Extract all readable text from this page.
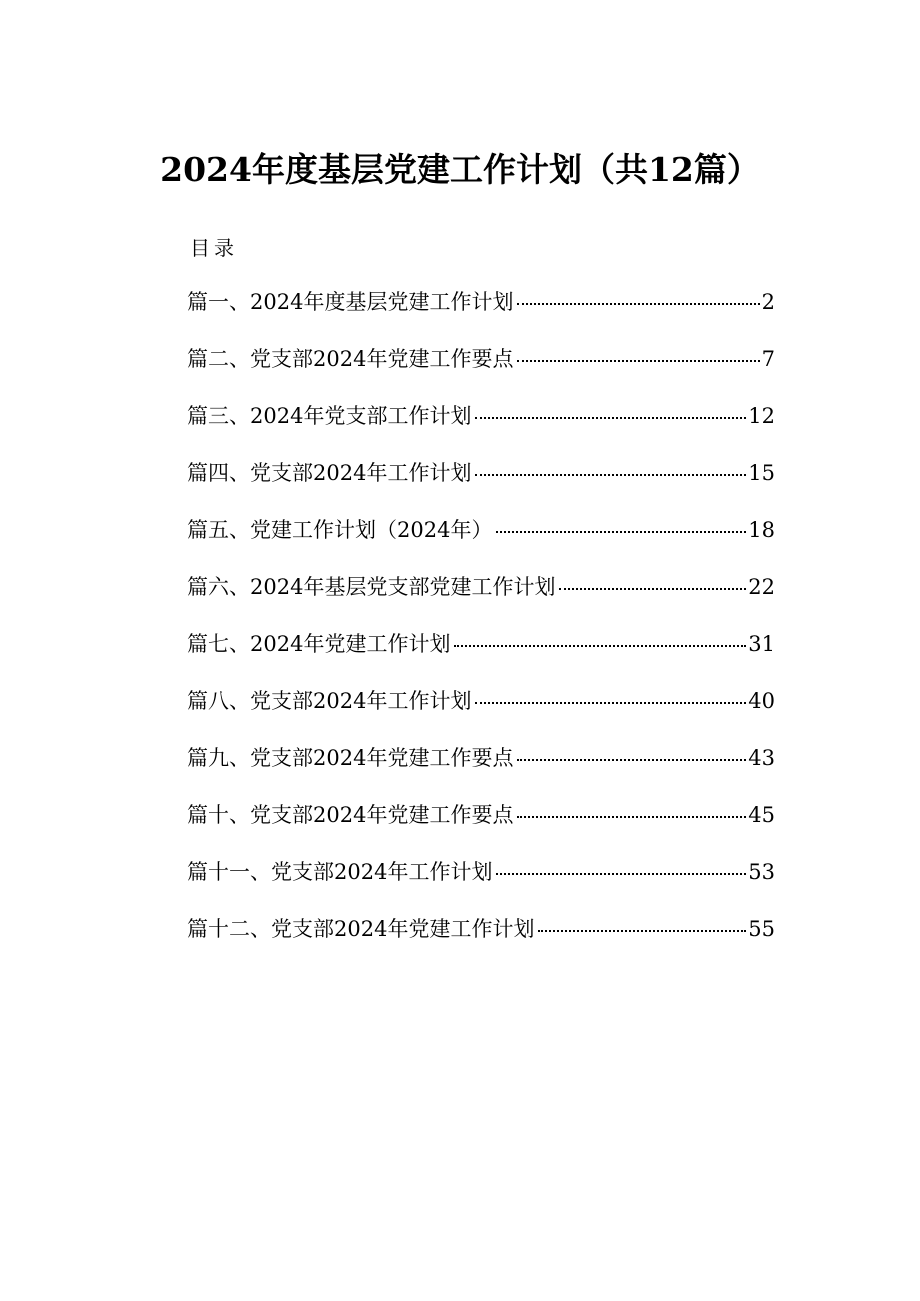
2024年度基层党建工作计划（共12篇）
目录
篇一、2024年度基层党建工作计划	2
篇二、党支部2024年党建工作要点	7
篇三、2024年党支部工作计划	12
篇四、党支部2024年工作计划	15
篇五、党建工作计划（2024年）	18
篇六、2024年基层党支部党建工作计划	22
篇七、2024年党建工作计划	31
篇八、党支部2024年工作计划	40
篇九、党支部2024年党建工作要点	43
篇十、党支部2024年党建工作要点	45
篇十一、党支部2024年工作计划	53
篇十二、党支部2024年党建工作计划	55
